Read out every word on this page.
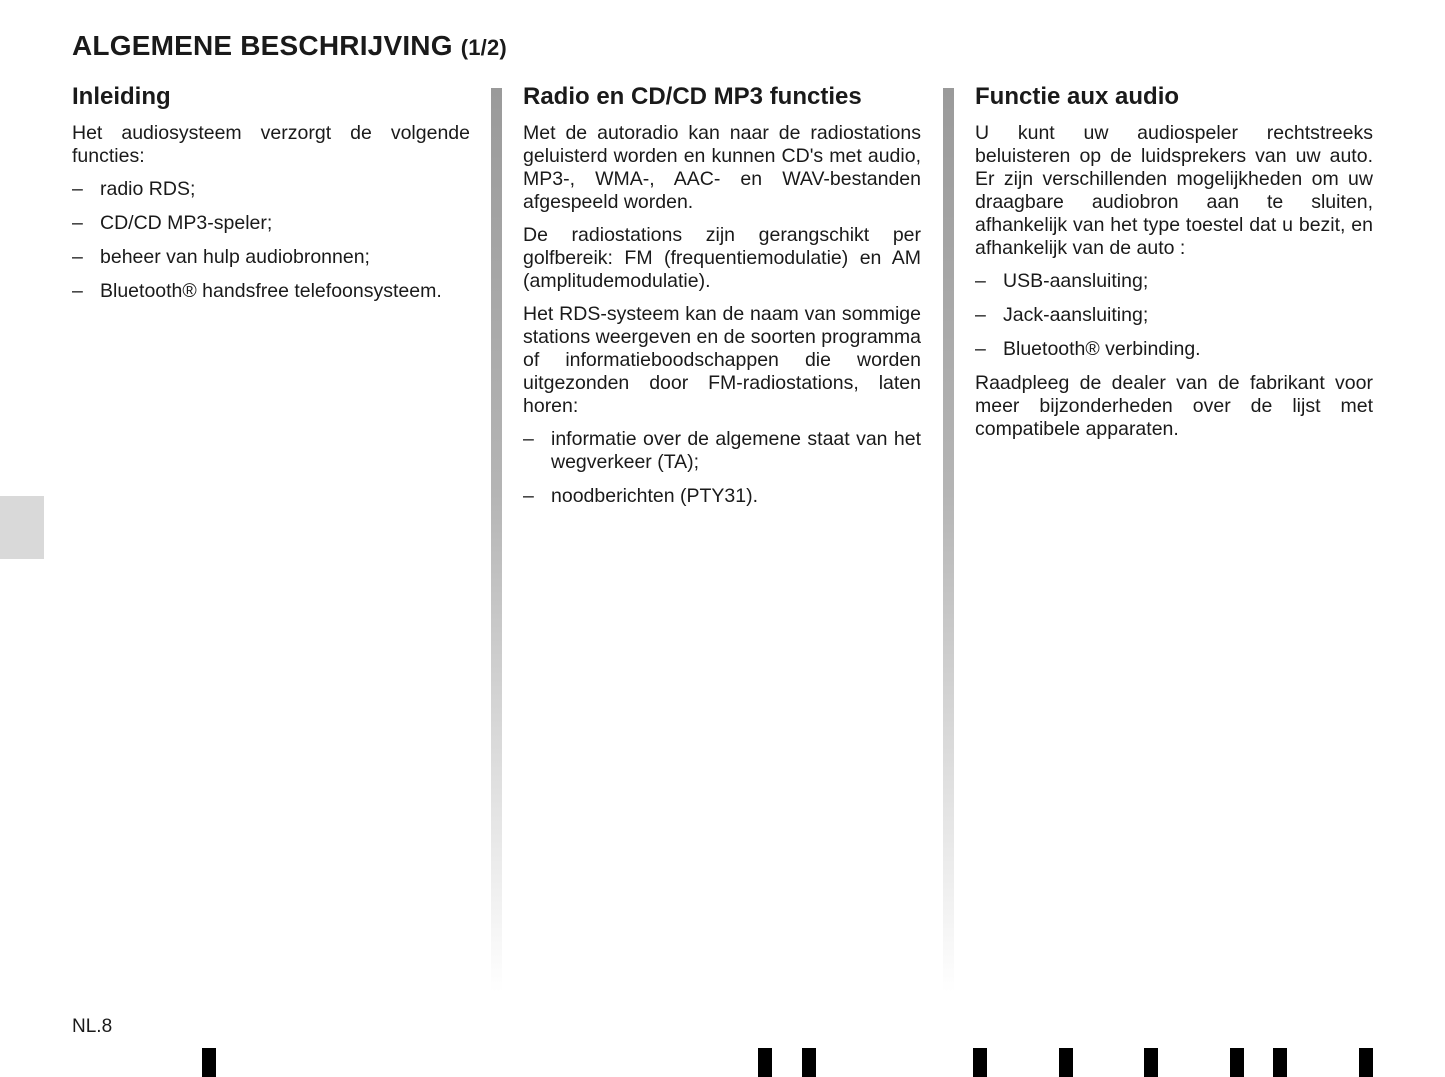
ALGEMENE BESCHRIJVING (1/2)
Inleiding

Het audiosysteem verzorgt de volgende functies:

– radio RDS;
– CD/CD MP3-speler;
– beheer van hulp audiobronnen;
– Bluetooth® handsfree telefoonsysteem.
Radio en CD/CD MP3 functies

Met de autoradio kan naar de radiostations geluisterd worden en kunnen CD's met audio, MP3-, WMA-, AAC- en WAV-bestanden afgespeeld worden.

De radiostations zijn gerangschikt per golfbereik: FM (frequentiemodulatie) en AM (amplitudemodulatie).

Het RDS-systeem kan de naam van sommige stations weergeven en de soorten programma of informatieboodschappen die worden uitgezonden door FM-radiostations, laten horen:

– informatie over de algemene staat van het wegverkeer (TA);
– noodberichten (PTY31).
Functie aux audio

U kunt uw audiospeler rechtstreeks beluisteren op de luidsprekers van uw auto. Er zijn verschillenden mogelijkheden om uw draagbare audiobron aan te sluiten, afhankelijk van het type toestel dat u bezit, en afhankelijk van de auto :

– USB-aansluiting;
– Jack-aansluiting;
– Bluetooth® verbinding.

Raadpleeg de dealer van de fabrikant voor meer bijzonderheden over de lijst met compatibele apparaten.

NL.8
